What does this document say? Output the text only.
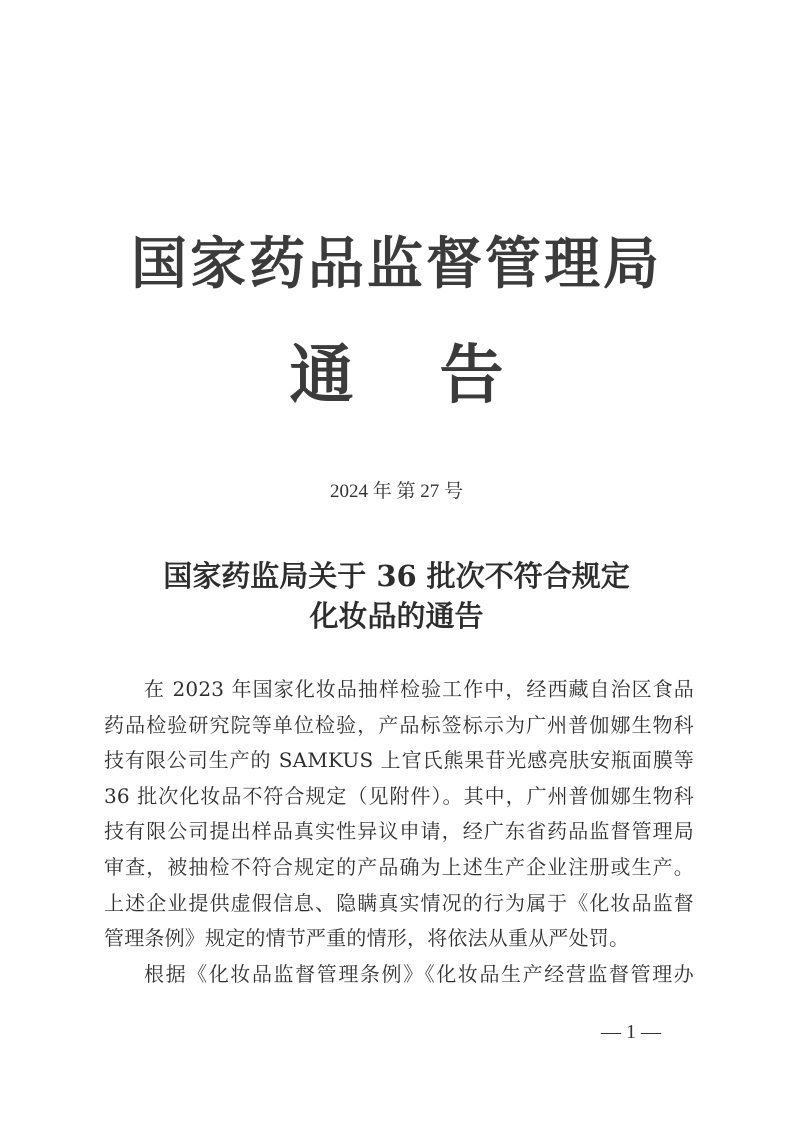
国家药品监督管理局
通 告
2024 年 第 27 号
国家药监局关于 36 批次不符合规定
化妆品的通告
在 2023 年国家化妆品抽样检验工作中，经西藏自治区食品
药品检验研究院等单位检验，产品标签标示为广州普伽娜生物科
技有限公司生产的 SAMKUS 上官氏熊果苷光感亮肤安瓶面膜等
36 批次化妆品不符合规定（见附件）。其中，广州普伽娜生物科
技有限公司提出样品真实性异议申请，经广东省药品监督管理局
审查，被抽检不符合规定的产品确为上述生产企业注册或生产。
上述企业提供虚假信息、隐瞒真实情况的行为属于《化妆品监督
管理条例》规定的情节严重的情形，将依法从重从严处罚。
根据《化妆品监督管理条例》《化妆品生产经营监督管理办
— 1 —
